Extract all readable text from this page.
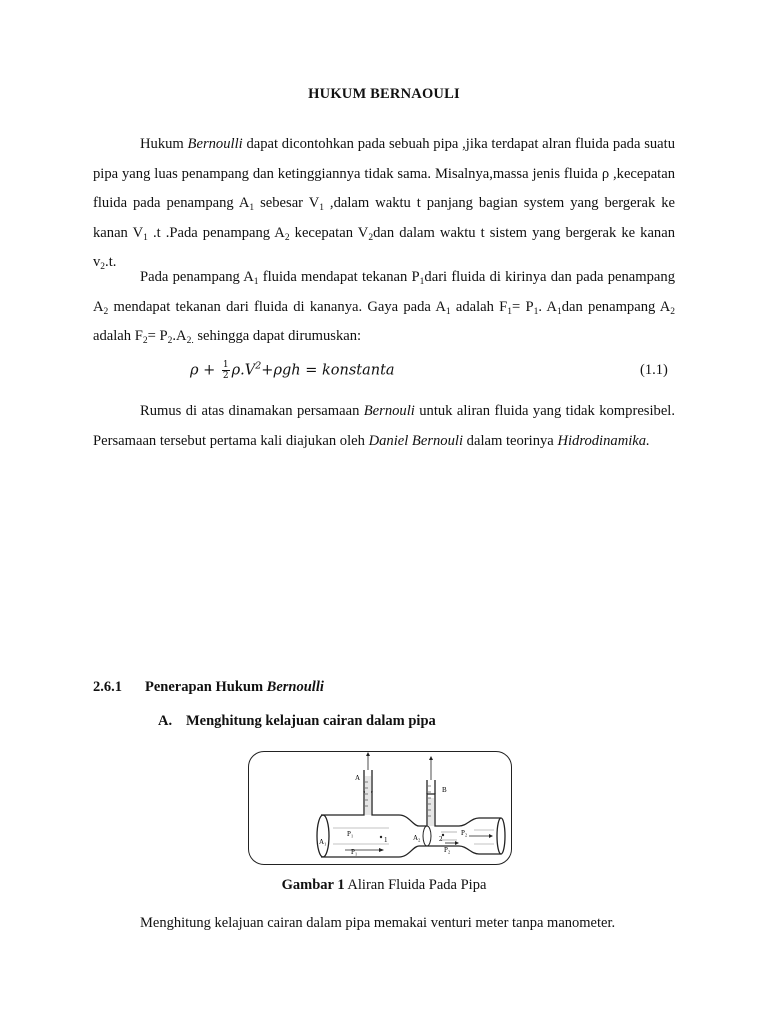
HUKUM BERNAOULI

Hukum Bernoulli dapat dicontohkan pada sebuah pipa ,jika terdapat alran fluida pada suatu pipa yang luas penampang dan ketinggiannya tidak sama. Misalnya,massa jenis fluida ρ ,kecepatan fluida pada penampang $A_1$ sebesar $V_1$ ,dalam waktu t panjang bagian system yang bergerak ke kanan $V_1$ .t .Pada penampang $A_2$ kecepatan $V_2dan$ dalam waktu t sistem yang bergerak ke kanan $v_2.t$.

Pada penampang $A_1$ fluida mendapat tekanan $P_1dari$ fluida di kirinya dan pada penampang $A_2$ mendapat tekanan dari fluida di kananya. Gaya pada $A_1$ adalah $F_1= P_1$. $A_1dan$ penampang $A_2$ adalah $F_2= P_2.A_{2.}$ sehingga dapat dirumuskan:

$\rho + \frac{1}{2} \rho.V^2+\rho gh$ = konstanta	(1.1)

Rumus di atas dinamakan persamaan Bernouli untuk aliran fluida yang tidak kompresibel. Persamaan tersebut pertama kali diajukan oleh Daniel Bernouli dalam teorinya Hidrodinamika.

2.6.1 Penerapan Hukum Bernoulli
A. Menghitung kelajuan cairan dalam pipa
A
B
P₁
P₁
A₁	A₂
1	2
P₂
P₂
Gambar 1 Aliran Fluida Pada Pipa
Menghitung kelajuan cairan dalam pipa memakai venturi meter tanpa manometer.
